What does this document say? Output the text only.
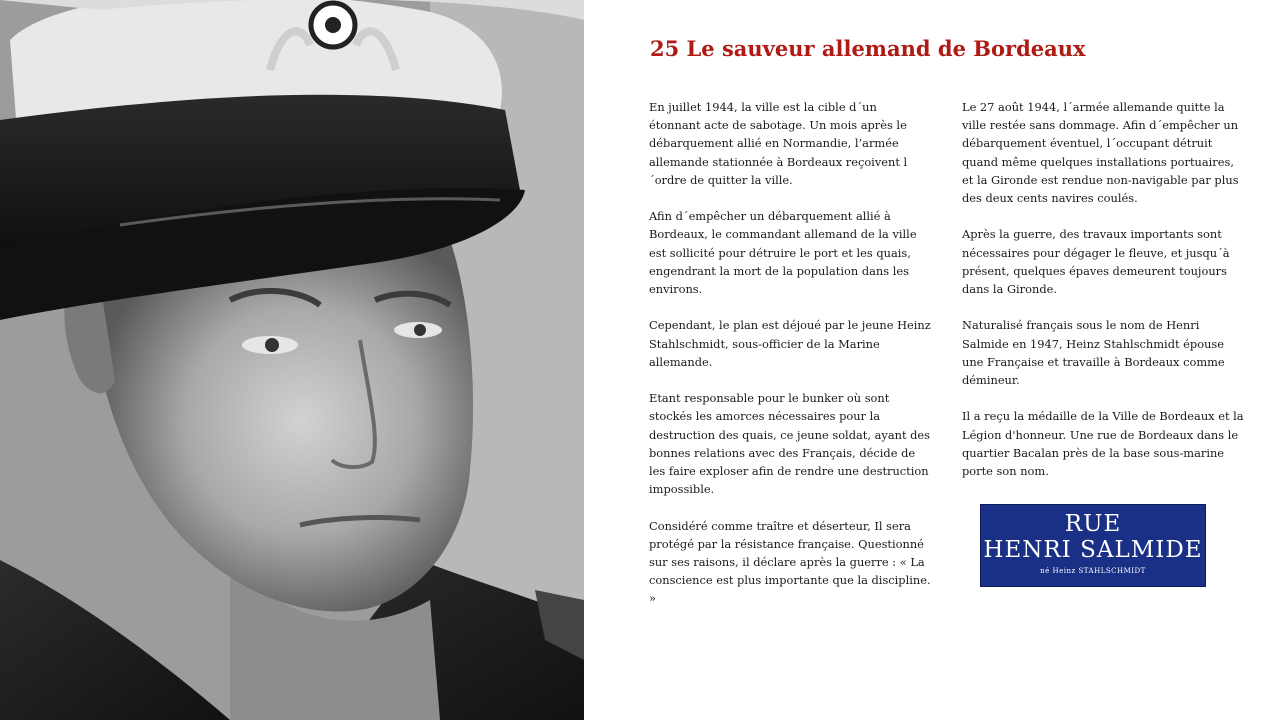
25 Le sauveur allemand de Bordeaux

En juillet 1944, la ville est la cible d´un étonnant acte de sabotage. Un mois après le débarquement allié en Normandie, l’armée allemande stationnée à Bordeaux reçoivent l´ordre de quitter la ville.

Afin d´empêcher un débarquement allié à Bordeaux, le commandant allemand de la ville est sollicité pour détruire le port et les quais, engendrant la mort de la population dans les environs.

Cependant, le plan est déjoué par le jeune Heinz Stahlschmidt, sous-officier de la Marine allemande.

Etant responsable pour le bunker où sont stockés les amorces nécessaires pour la destruction des quais, ce jeune soldat, ayant des bonnes relations avec des Français, décide de les faire exploser afin de rendre une destruction impossible.

Considéré comme traître et déserteur, Il sera protégé par la résistance française. Questionné sur ses raisons, il déclare après la guerre : « La conscience est plus importante que la discipline. »

Le 27 août 1944, l´armée allemande quitte la ville restée sans dommage. Afin d´empêcher un débarquement éventuel, l´occupant détruit quand même quelques installations portuaires, et la Gironde est rendue non-navigable par plus des deux cents navires coulés.

Après la guerre, des travaux importants sont nécessaires pour dégager le fleuve, et jusqu´à présent, quelques épaves demeurent toujours dans la Gironde.

Naturalisé français sous le nom de Henri Salmide en 1947, Heinz Stahlschmidt épouse une Française et travaille à Bordeaux comme démineur.

Il a reçu la médaille de la Ville de Bordeaux et la Légion d'honneur. Une rue de Bordeaux dans le quartier Bacalan près de la base sous-marine porte son nom.

RUE
HENRI SALMIDE
né Heinz STAHLSCHMIDT
